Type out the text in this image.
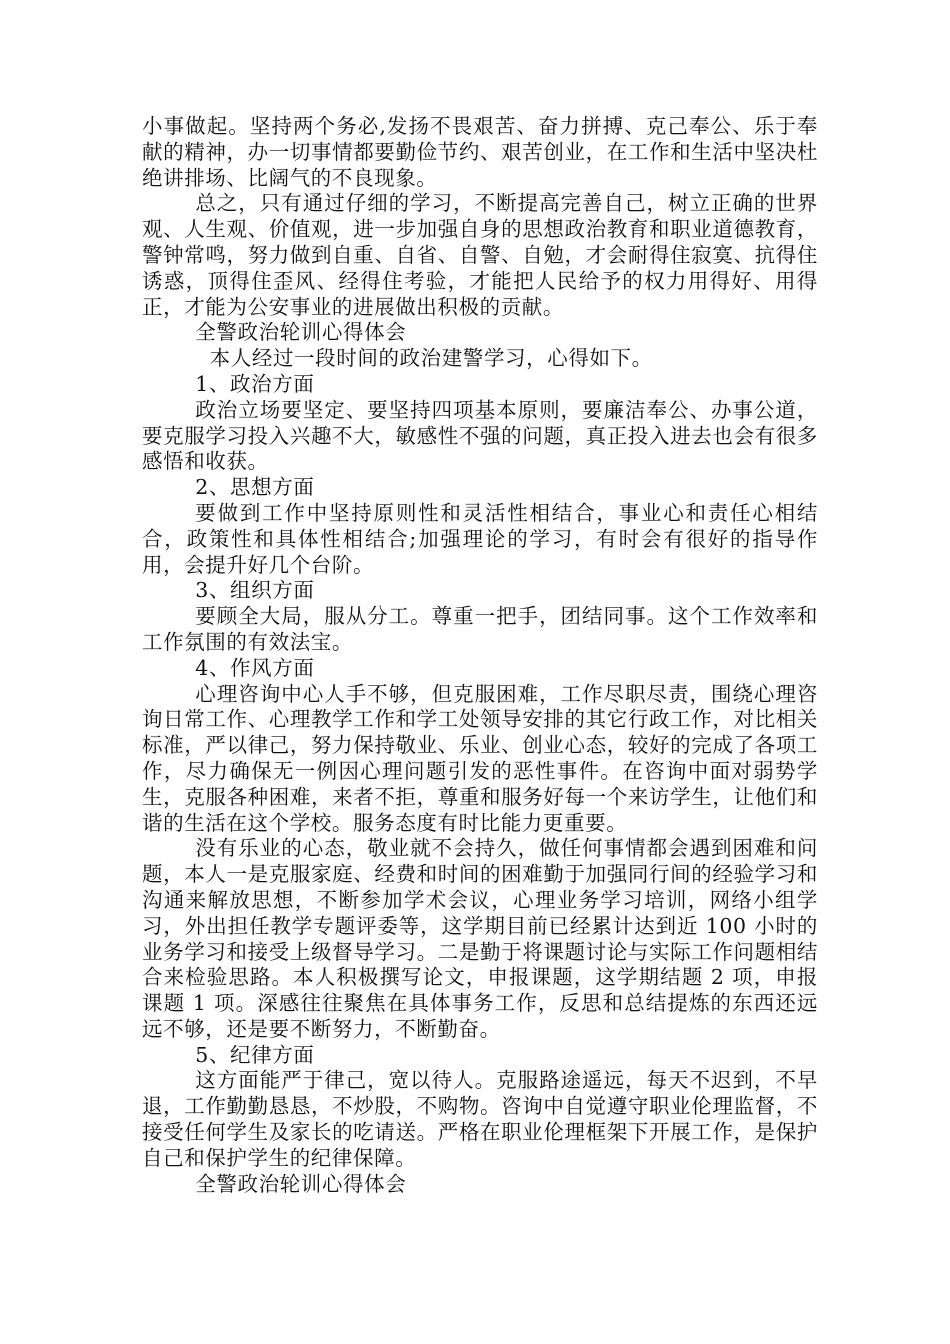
小事做起。坚持两个务必,发扬不畏艰苦、奋力拼搏、克己奉公、乐于奉献的精神，办一切事情都要勤俭节约、艰苦创业，在工作和生活中坚决杜绝讲排场、比阔气的不良现象。

总之，只有通过仔细的学习，不断提高完善自己，树立正确的世界观、人生观、价值观，进一步加强自身的思想政治教育和职业道德教育，警钟常鸣，努力做到自重、自省、自警、自勉，才会耐得住寂寞、抗得住诱惑，顶得住歪风、经得住考验，才能把人民给予的权力用得好、用得正，才能为公安事业的进展做出积极的贡献。

全警政治轮训心得体会

本人经过一段时间的政治建警学习，心得如下。

1、政治方面

政治立场要坚定、要坚持四项基本原则，要廉洁奉公、办事公道，要克服学习投入兴趣不大，敏感性不强的问题，真正投入进去也会有很多感悟和收获。

2、思想方面

要做到工作中坚持原则性和灵活性相结合，事业心和责任心相结合，政策性和具体性相结合;加强理论的学习，有时会有很好的指导作用，会提升好几个台阶。

3、组织方面

要顾全大局，服从分工。尊重一把手，团结同事。这个工作效率和工作氛围的有效法宝。

4、作风方面

心理咨询中心人手不够，但克服困难，工作尽职尽责，围绕心理咨询日常工作、心理教学工作和学工处领导安排的其它行政工作，对比相关标准，严以律己，努力保持敬业、乐业、创业心态，较好的完成了各项工作，尽力确保无一例因心理问题引发的恶性事件。在咨询中面对弱势学生，克服各种困难，来者不拒，尊重和服务好每一个来访学生，让他们和谐的生活在这个学校。服务态度有时比能力更重要。

没有乐业的心态，敬业就不会持久，做任何事情都会遇到困难和问题，本人一是克服家庭、经费和时间的困难勤于加强同行间的经验学习和沟通来解放思想，不断参加学术会议，心理业务学习培训，网络小组学习，外出担任教学专题评委等，这学期目前已经累计达到近 100 小时的业务学习和接受上级督导学习。二是勤于将课题讨论与实际工作问题相结合来检验思路。本人积极撰写论文，申报课题，这学期结题 2 项，申报课题 1 项。深感往往聚焦在具体事务工作，反思和总结提炼的东西还远远不够，还是要不断努力，不断勤奋。

5、纪律方面

这方面能严于律己，宽以待人。克服路途遥远，每天不迟到，不早退，工作勤勤恳恳，不炒股，不购物。咨询中自觉遵守职业伦理监督，不接受任何学生及家长的吃请送。严格在职业伦理框架下开展工作，是保护自己和保护学生的纪律保障。

全警政治轮训心得体会
